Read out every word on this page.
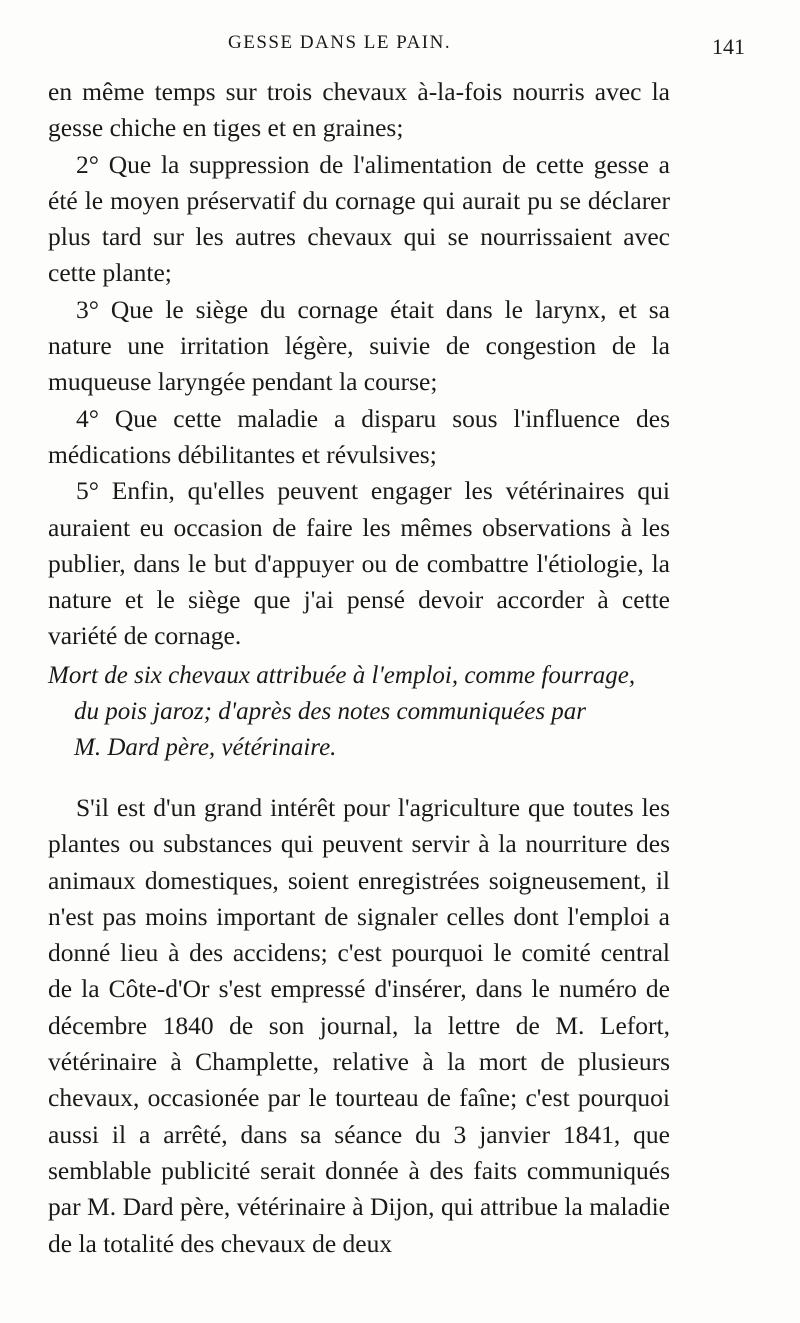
GESSE DANS LE PAIN.	141

en même temps sur trois chevaux à-la-fois nourris avec la gesse chiche en tiges et en graines;

2° Que la suppression de l'alimentation de cette gesse a été le moyen préservatif du cornage qui aurait pu se déclarer plus tard sur les autres chevaux qui se nourrissaient avec cette plante;

3° Que le siège du cornage était dans le larynx, et sa nature une irritation légère, suivie de congestion de la muqueuse laryngée pendant la course;

4° Que cette maladie a disparu sous l'influence des médications débilitantes et révulsives;

5° Enfin, qu'elles peuvent engager les vétérinaires qui auraient eu occasion de faire les mêmes observations à les publier, dans le but d'appuyer ou de combattre l'étiologie, la nature et le siège que j'ai pensé devoir accorder à cette variété de cornage.

Mort de six chevaux attribuée à l'emploi, comme fourrage,
du pois jaroz; d'après des notes communiquées par
M. Dard père, vétérinaire.

S'il est d'un grand intérêt pour l'agriculture que toutes les plantes ou substances qui peuvent servir à la nourriture des animaux domestiques, soient enregistrées soigneusement, il n'est pas moins important de signaler celles dont l'emploi a donné lieu à des accidens; c'est pourquoi le comité central de la Côte-d'Or s'est empressé d'insérer, dans le numéro de décembre 1840 de son journal, la lettre de M. Lefort, vétérinaire à Champlette, relative à la mort de plusieurs chevaux, occasionée par le tourteau de faîne; c'est pourquoi aussi il a arrêté, dans sa séance du 3 janvier 1841, que semblable publicité serait donnée à des faits communiqués par M. Dard père, vétérinaire à Dijon, qui attribue la maladie de la totalité des chevaux de deux
